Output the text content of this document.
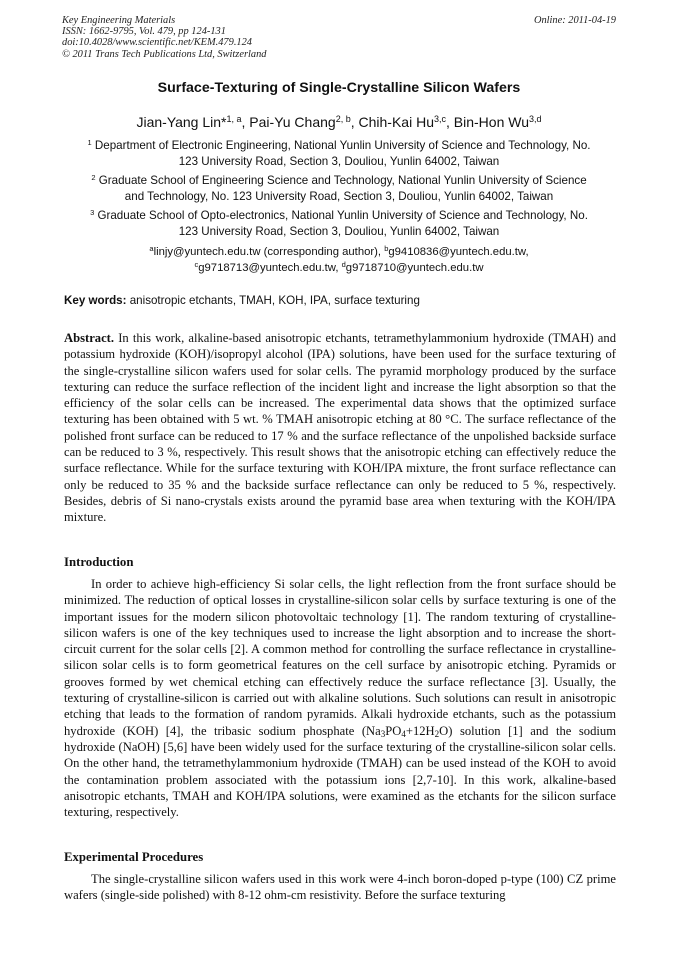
Key Engineering Materials
ISSN: 1662-9795, Vol. 479, pp 124-131
doi:10.4028/www.scientific.net/KEM.479.124
© 2011 Trans Tech Publications Ltd, Switzerland
Online: 2011-04-19
Surface-Texturing of Single-Crystalline Silicon Wafers
Jian-Yang Lin*$^{1, a}$, Pai-Yu Chang$^{2, b}$, Chih-Kai Hu$^{3,c}$, Bin-Hon Wu$^{3,d}$
$^1$ Department of Electronic Engineering, National Yunlin University of Science and Technology, No.
123 University Road, Section 3, Douliou, Yunlin 64002, Taiwan
$^2$ Graduate School of Engineering Science and Technology, National Yunlin University of Science
and Technology, No. 123 University Road, Section 3, Douliou, Yunlin 64002, Taiwan
$^3$ Graduate School of Opto-electronics, National Yunlin University of Science and Technology, No.
123 University Road, Section 3, Douliou, Yunlin 64002, Taiwan
$^a$linjy@yuntech.edu.tw (corresponding author), $^b$g9410836@yuntech.edu.tw,
$^c$g9718713@yuntech.edu.tw, $^d$g9718710@yuntech.edu.tw
Key words: anisotropic etchants, TMAH, KOH, IPA, surface texturing

Abstract. In this work, alkaline-based anisotropic etchants, tetramethylammonium hydroxide (TMAH) and potassium hydroxide (KOH)/isopropyl alcohol (IPA) solutions, have been used for the surface texturing of the single-crystalline silicon wafers used for solar cells. The pyramid morphology produced by the surface texturing can reduce the surface reflection of the incident light and increase the light absorption so that the efficiency of the solar cells can be increased. The experimental data shows that the optimized surface texturing has been obtained with 5 wt. % TMAH anisotropic etching at 80 °C. The surface reflectance of the polished front surface can be reduced to 17 % and the surface reflectance of the unpolished backside surface can be reduced to 3 %, respectively. This result shows that the anisotropic etching can effectively reduce the surface reflectance. While for the surface texturing with KOH/IPA mixture, the front surface reflectance can only be reduced to 35 % and the backside surface reflectance can only be reduced to 5 %, respectively. Besides, debris of Si nano-crystals exists around the pyramid base area when texturing with the KOH/IPA mixture.

Introduction

In order to achieve high-efficiency Si solar cells, the light reflection from the front surface should be minimized. The reduction of optical losses in crystalline-silicon solar cells by surface texturing is one of the important issues for the modern silicon photovoltaic technology [1]. The random texturing of crystalline-silicon wafers is one of the key techniques used to increase the light absorption and to increase the short-circuit current for the solar cells [2]. A common method for controlling the surface reflectance in crystalline-silicon solar cells is to form geometrical features on the cell surface by anisotropic etching. Pyramids or grooves formed by wet chemical etching can effectively reduce the surface reflectance [3]. Usually, the texturing of crystalline-silicon is carried out with alkaline solutions. Such solutions can result in anisotropic etching that leads to the formation of random pyramids. Alkali hydroxide etchants, such as the potassium hydroxide (KOH) [4], the tribasic sodium phosphate $(Na_3PO_4+12H_2O)$ solution [1] and the sodium hydroxide (NaOH) [5,6] have been widely used for the surface texturing of the crystalline-silicon solar cells. On the other hand, the tetramethylammonium hydroxide (TMAH) can be used instead of the KOH to avoid the contamination problem associated with the potassium ions [2,7-10]. In this work, alkaline-based anisotropic etchants, TMAH and KOH/IPA solutions, were examined as the etchants for the silicon surface texturing, respectively.

Experimental Procedures

The single-crystalline silicon wafers used in this work were 4-inch boron-doped p-type (100) CZ prime wafers (single-side polished) with 8-12 ohm-cm resistivity. Before the surface texturing
